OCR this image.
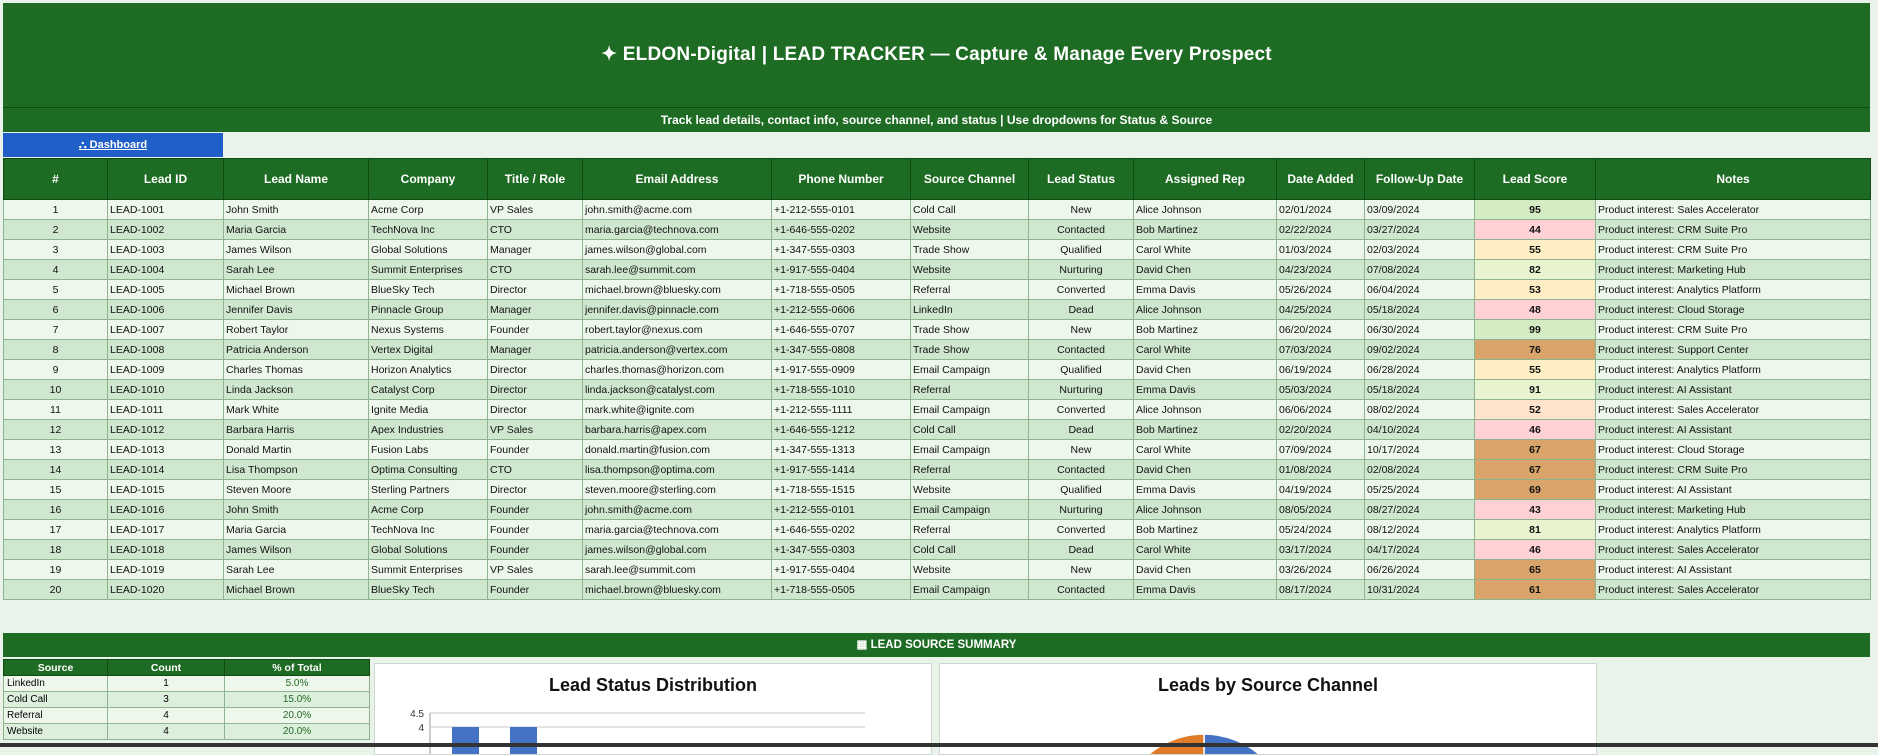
✦ ELDON-Digital | LEAD TRACKER — Capture & Manage Every Prospect
Track lead details, contact info, source channel, and status | Use dropdowns for Status & Source
⛬ Dashboard
#	Lead ID	Lead Name	Company	Title / Role	Email Address	Phone Number	Source Channel	Lead Status	Assigned Rep	Date Added	Follow-Up Date	Lead Score	Notes
1	LEAD-1001	John Smith	Acme Corp	VP Sales	john.smith@acme.com	+1-212-555-0101	Cold Call	New	Alice Johnson	02/01/2024	03/09/2024	95	Product interest: Sales Accelerator
2	LEAD-1002	Maria Garcia	TechNova Inc	CTO	maria.garcia@technova.com	+1-646-555-0202	Website	Contacted	Bob Martinez	02/22/2024	03/27/2024	44	Product interest: CRM Suite Pro
3	LEAD-1003	James Wilson	Global Solutions	Manager	james.wilson@global.com	+1-347-555-0303	Trade Show	Qualified	Carol White	01/03/2024	02/03/2024	55	Product interest: CRM Suite Pro
4	LEAD-1004	Sarah Lee	Summit Enterprises	CTO	sarah.lee@summit.com	+1-917-555-0404	Website	Nurturing	David Chen	04/23/2024	07/08/2024	82	Product interest: Marketing Hub
5	LEAD-1005	Michael Brown	BlueSky Tech	Director	michael.brown@bluesky.com	+1-718-555-0505	Referral	Converted	Emma Davis	05/26/2024	06/04/2024	53	Product interest: Analytics Platform
6	LEAD-1006	Jennifer Davis	Pinnacle Group	Manager	jennifer.davis@pinnacle.com	+1-212-555-0606	LinkedIn	Dead	Alice Johnson	04/25/2024	05/18/2024	48	Product interest: Cloud Storage
7	LEAD-1007	Robert Taylor	Nexus Systems	Founder	robert.taylor@nexus.com	+1-646-555-0707	Trade Show	New	Bob Martinez	06/20/2024	06/30/2024	99	Product interest: CRM Suite Pro
8	LEAD-1008	Patricia Anderson	Vertex Digital	Manager	patricia.anderson@vertex.com	+1-347-555-0808	Trade Show	Contacted	Carol White	07/03/2024	09/02/2024	76	Product interest: Support Center
9	LEAD-1009	Charles Thomas	Horizon Analytics	Director	charles.thomas@horizon.com	+1-917-555-0909	Email Campaign	Qualified	David Chen	06/19/2024	06/28/2024	55	Product interest: Analytics Platform
10	LEAD-1010	Linda Jackson	Catalyst Corp	Director	linda.jackson@catalyst.com	+1-718-555-1010	Referral	Nurturing	Emma Davis	05/03/2024	05/18/2024	91	Product interest: AI Assistant
11	LEAD-1011	Mark White	Ignite Media	Director	mark.white@ignite.com	+1-212-555-1111	Email Campaign	Converted	Alice Johnson	06/06/2024	08/02/2024	52	Product interest: Sales Accelerator
12	LEAD-1012	Barbara Harris	Apex Industries	VP Sales	barbara.harris@apex.com	+1-646-555-1212	Cold Call	Dead	Bob Martinez	02/20/2024	04/10/2024	46	Product interest: AI Assistant
13	LEAD-1013	Donald Martin	Fusion Labs	Founder	donald.martin@fusion.com	+1-347-555-1313	Email Campaign	New	Carol White	07/09/2024	10/17/2024	67	Product interest: Cloud Storage
14	LEAD-1014	Lisa Thompson	Optima Consulting	CTO	lisa.thompson@optima.com	+1-917-555-1414	Referral	Contacted	David Chen	01/08/2024	02/08/2024	67	Product interest: CRM Suite Pro
15	LEAD-1015	Steven Moore	Sterling Partners	Director	steven.moore@sterling.com	+1-718-555-1515	Website	Qualified	Emma Davis	04/19/2024	05/25/2024	69	Product interest: AI Assistant
16	LEAD-1016	John Smith	Acme Corp	Founder	john.smith@acme.com	+1-212-555-0101	Email Campaign	Nurturing	Alice Johnson	08/05/2024	08/27/2024	43	Product interest: Marketing Hub
17	LEAD-1017	Maria Garcia	TechNova Inc	Founder	maria.garcia@technova.com	+1-646-555-0202	Referral	Converted	Bob Martinez	05/24/2024	08/12/2024	81	Product interest: Analytics Platform
18	LEAD-1018	James Wilson	Global Solutions	Founder	james.wilson@global.com	+1-347-555-0303	Cold Call	Dead	Carol White	03/17/2024	04/17/2024	46	Product interest: Sales Accelerator
19	LEAD-1019	Sarah Lee	Summit Enterprises	VP Sales	sarah.lee@summit.com	+1-917-555-0404	Website	New	David Chen	03/26/2024	06/26/2024	65	Product interest: AI Assistant
20	LEAD-1020	Michael Brown	BlueSky Tech	Founder	michael.brown@bluesky.com	+1-718-555-0505	Email Campaign	Contacted	Emma Davis	08/17/2024	10/31/2024	61	Product interest: Sales Accelerator
▦ LEAD SOURCE SUMMARY
Source	Count	% of Total
LinkedIn	1	5.0%
Cold Call	3	15.0%
Referral	4	20.0%
Website	4	20.0%
Lead Status Distribution
4.5
4
Leads by Source Channel
